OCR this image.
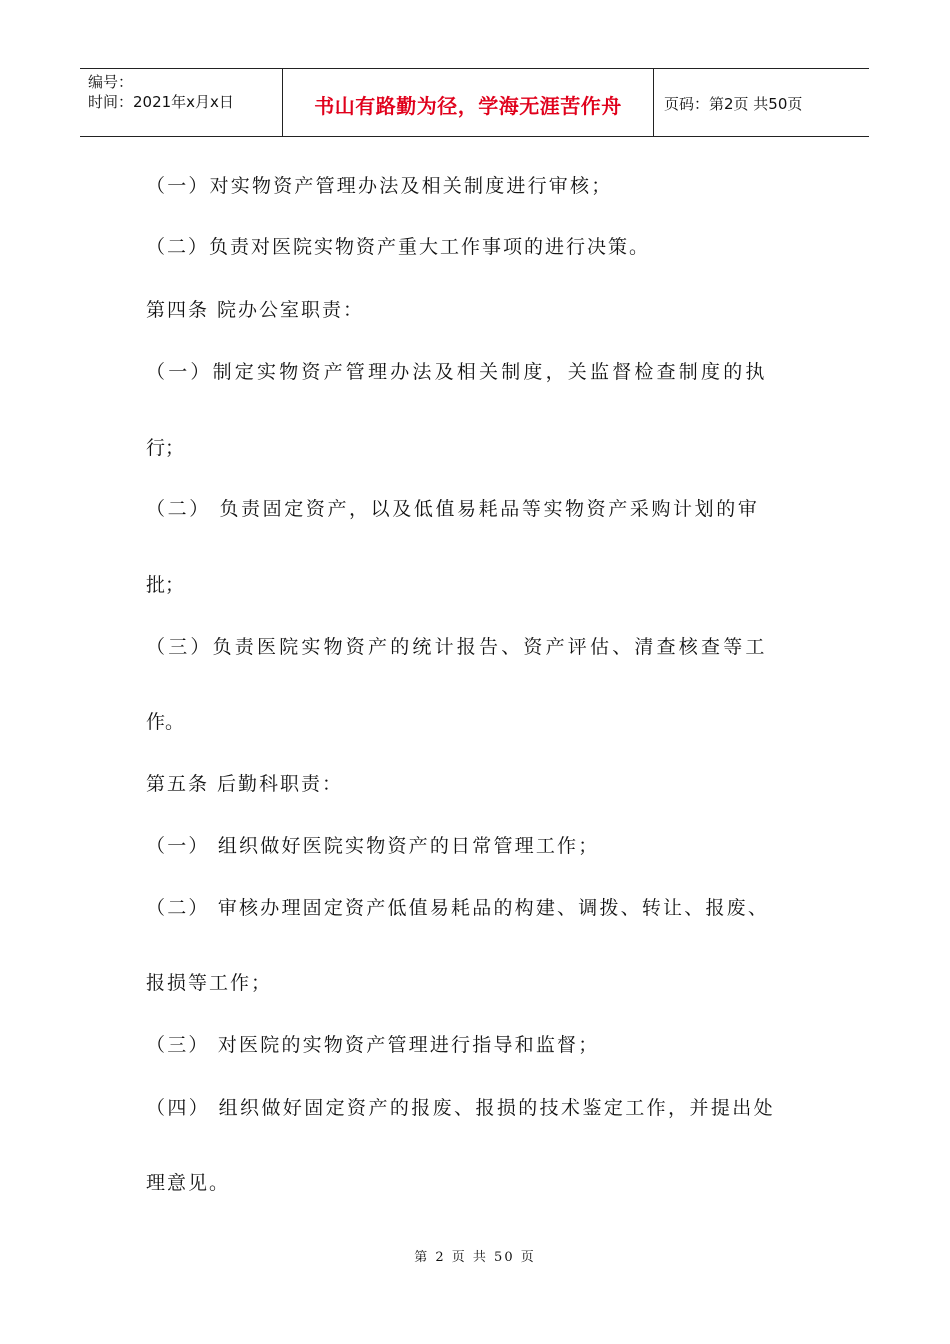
编号：
时间：2021年x月x日	书山有路勤为径，学海无涯苦作舟	页码：第2页 共50页
（一）对实物资产管理办法及相关制度进行审核；
（二）负责对医院实物资产重大工作事项的进行决策。
第四条 院办公室职责：
（一）制定实物资产管理办法及相关制度，关监督检查制度的执
行；
（二） 负责固定资产，以及低值易耗品等实物资产采购计划的审
批；
（三）负责医院实物资产的统计报告、资产评估、清查核查等工
作。
第五条 后勤科职责：
（一） 组织做好医院实物资产的日常管理工作；
（二） 审核办理固定资产低值易耗品的构建、调拨、转让、报废、
报损等工作；
（三） 对医院的实物资产管理进行指导和监督；
（四） 组织做好固定资产的报废、报损的技术鉴定工作，并提出处
理意见。
第 2 页 共 50 页
